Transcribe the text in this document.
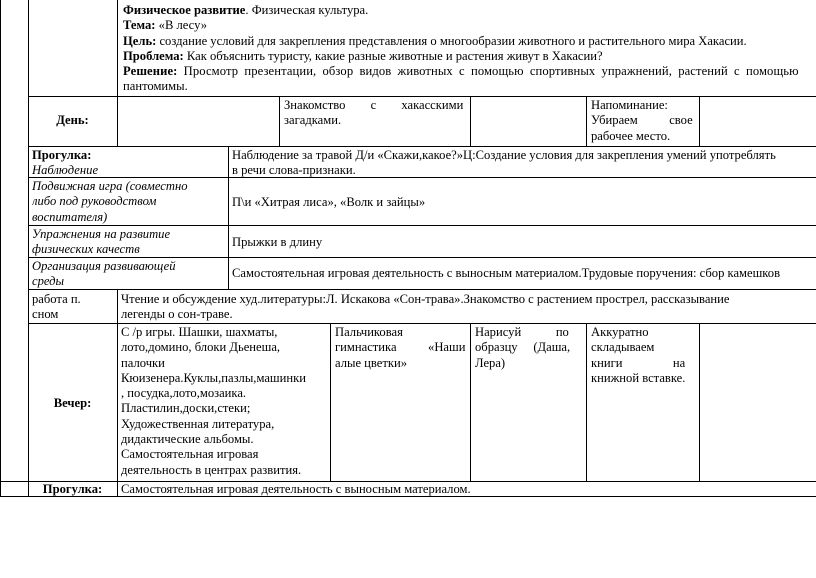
Физическое развитие. Физическая культура.
Тема: «В лесу»
Цель: создание условий для закрепления представления о многообразии животного и растительного мира Хакасии.
Проблема: Как объяснить туристу, какие разные животные и растения живут в Хакасии?
Решение: Просмотр презентации, обзор видов животных с помощью спортивных упражнений, растений с помощью
пантомимы.
День:
Знакомство        с        хакасскими
загадками.
Напоминание:
Убираем          свое
рабочее место.
Прогулка:
Наблюдение
Наблюдение за травой Д/и «Скажи,какое?»Ц:Создание условия для закрепления умений употреблять
в речи слова-признаки.
Подвижная игра (совместно
либо под руководством
воспитателя)
П\и «Хитрая лиса», «Волк и зайцы»
Упражнения на развитие
физических качеств
Прыжки в длину
Организация развивающей
среды
Самостоятельная игровая деятельность с выносным материалом.Трудовые поручения: сбор камешков
работа п.
сном
Чтение и обсуждение худ.литературы:Л. Искакова «Сон-трава».Знакомство с растением прострел, рассказывание
легенды о сон-траве.
Вечер:
С /р игры. Шашки, шахматы,
лото,домино, блоки Дьенеша,
палочки
Кюизенера.Куклы,пазлы,машинки
, посудка,лото,мозаика.
Пластилин,доски,стеки;
Художественная литература,
дидактические альбомы.
Самостоятельная игровая
деятельность в центрах развития.
Пальчиковая
гимнастика          «Наши
алые цветки»
Нарисуй           по
образцу     (Даша,
Лера)
Аккуратно
складываем
книги                на
книжной вставке.
Прогулка:	Самостоятельная игровая деятельность с выносным материалом.
